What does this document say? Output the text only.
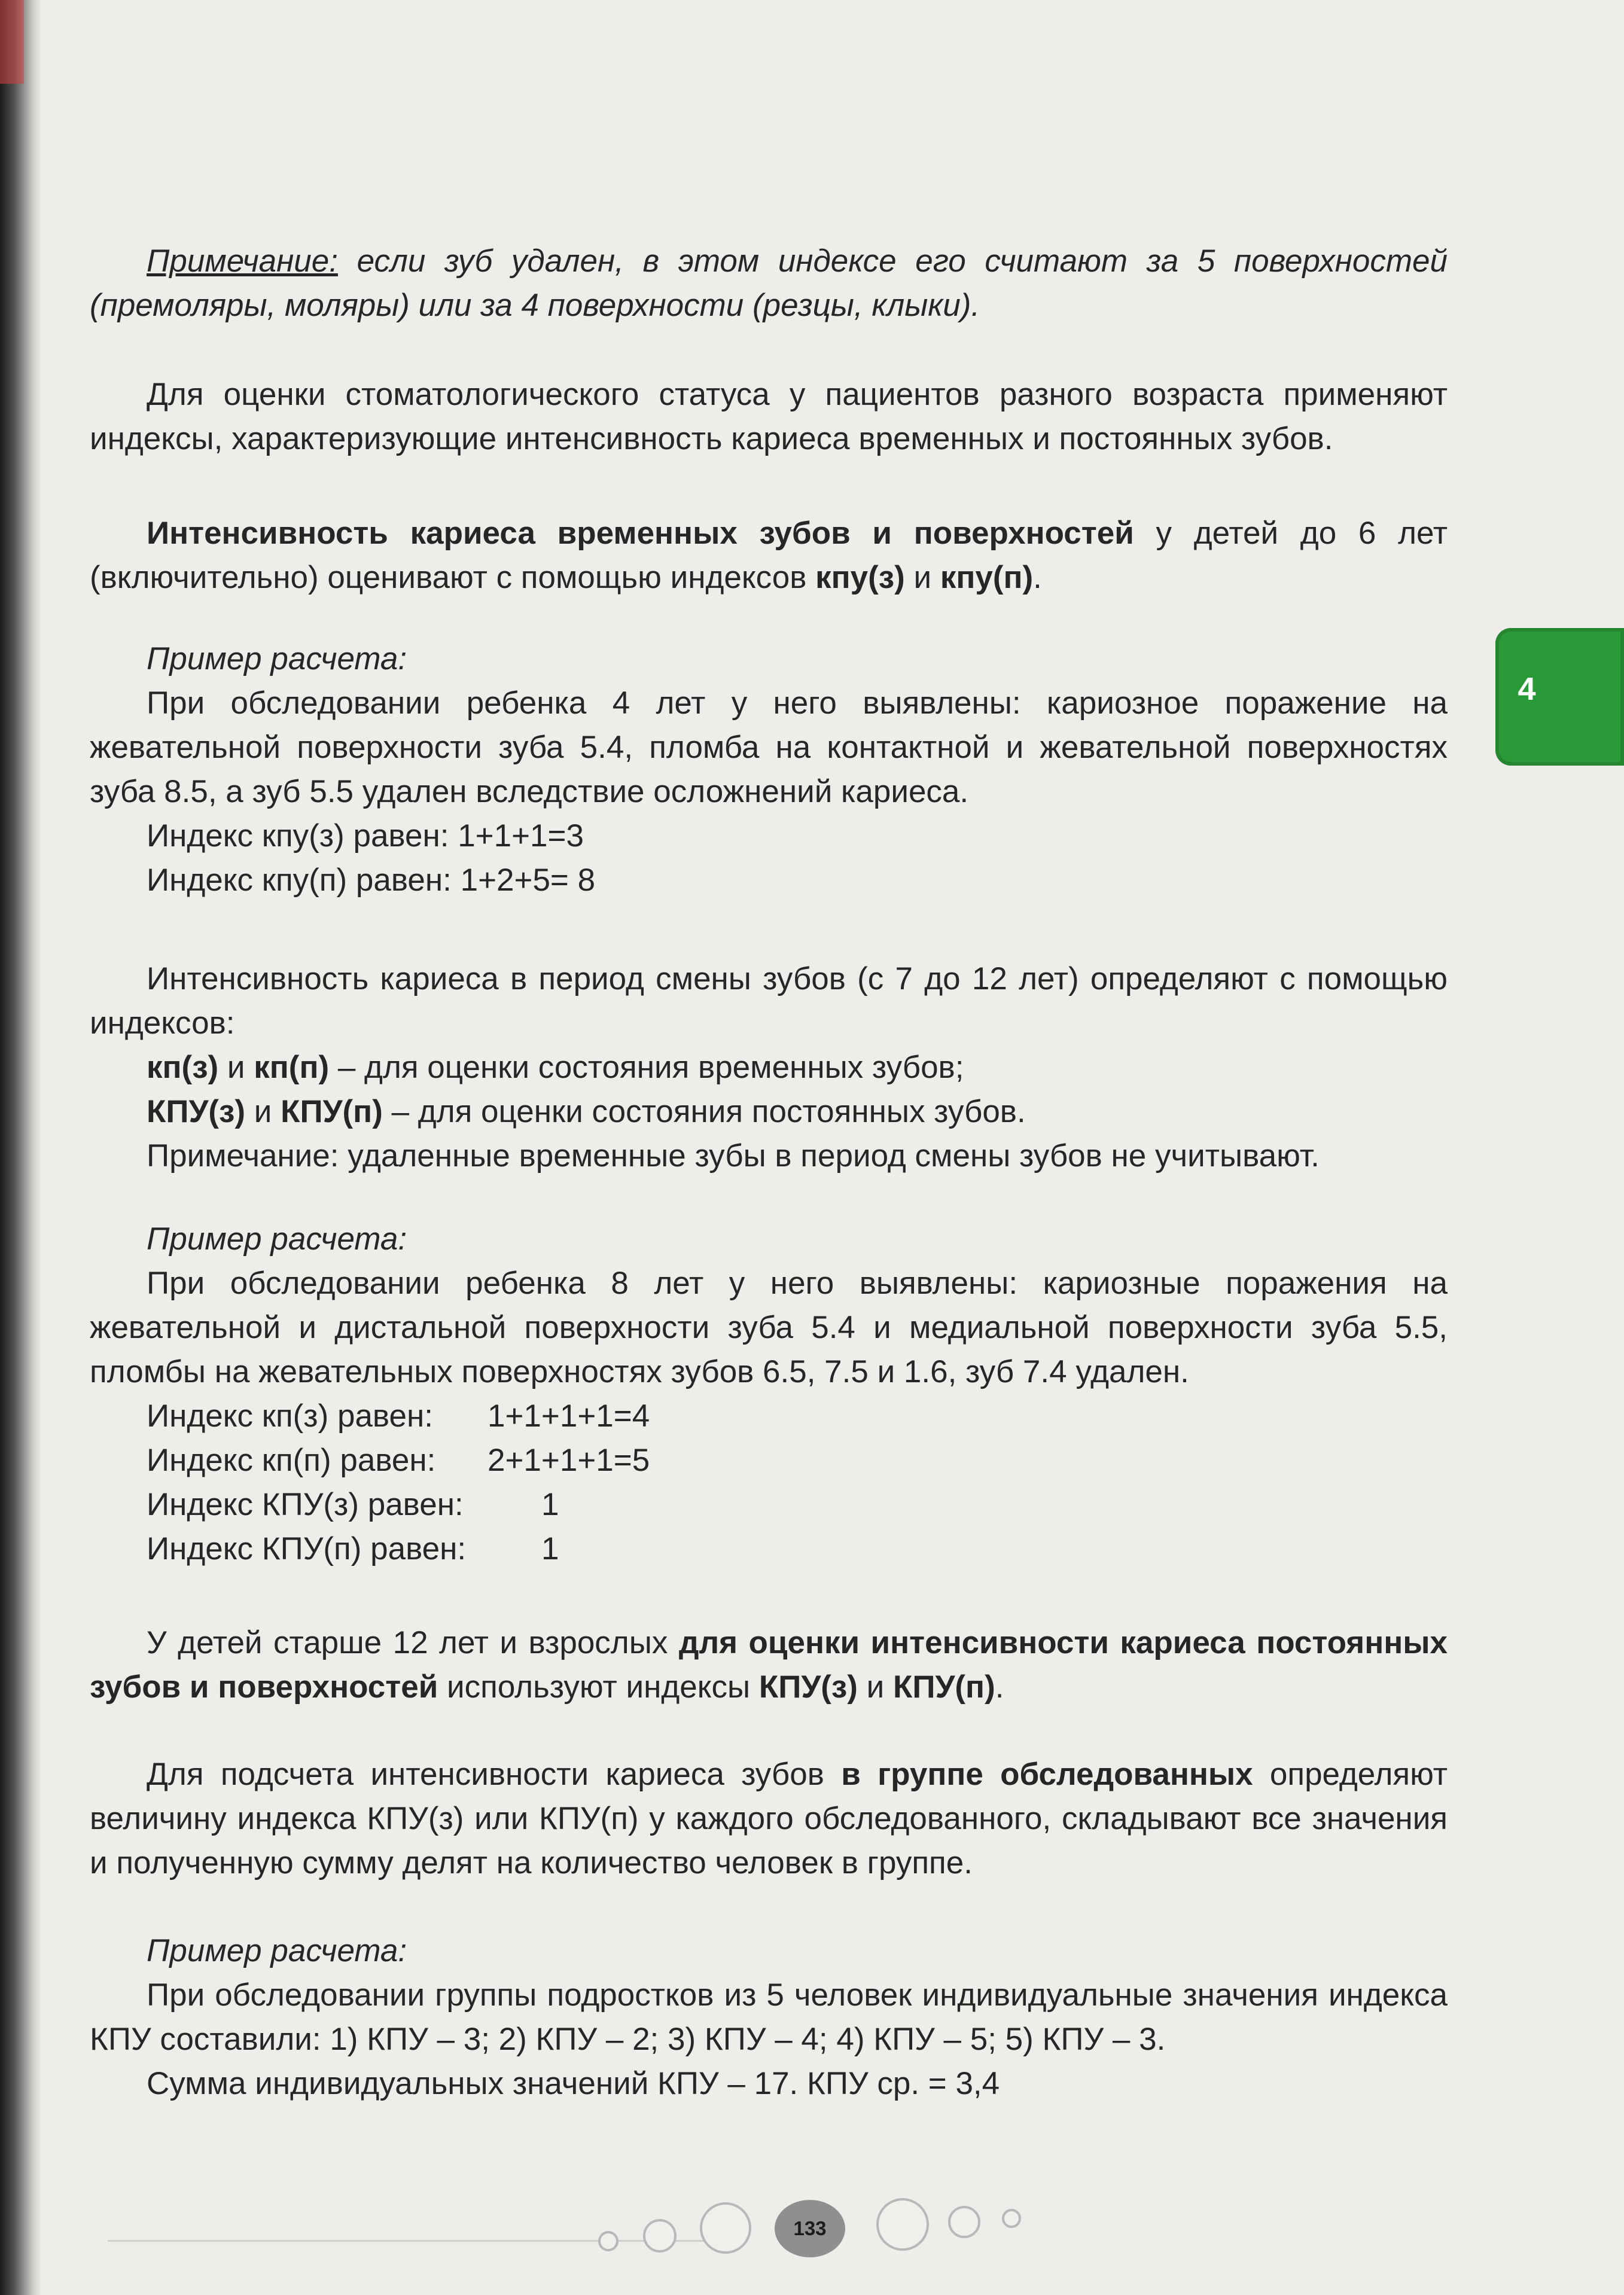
Примечание: если зуб удален, в этом индексе его считают за 5 поверхностей (премоляры, моляры) или за 4 поверхности (резцы, клыки).

Для оценки стоматологического статуса у пациентов разного возраста применяют индексы, характеризующие интенсивность кариеса временных и постоянных зубов.

Интенсивность кариеса временных зубов и поверхностей у детей до 6 лет (включительно) оценивают с помощью индексов кпу(з) и кпу(п).

Пример расчета:

При обследовании ребенка 4 лет у него выявлены: кариозное поражение на жевательной поверхности зуба 5.4, пломба на контактной и жевательной поверхностях зуба 8.5, а зуб 5.5 удален вследствие осложнений кариеса.

Индекс кпу(з) равен: 1+1+1=3

Индекс кпу(п) равен: 1+2+5= 8

Интенсивность кариеса в период смены зубов (с 7 до 12 лет) определяют с помощью индексов:

кп(з) и кп(п) – для оценки состояния временных зубов;

КПУ(з) и КПУ(п) – для оценки состояния постоянных зубов.

Примечание: удаленные временные зубы в период смены зубов не учитывают.

Пример расчета:

При обследовании ребенка 8 лет у него выявлены: кариозные поражения на жевательной и дистальной поверхности зуба 5.4 и медиальной поверхности зуба 5.5, пломбы на жевательных поверхностях зубов 6.5, 7.5 и 1.6, зуб 7.4 удален.

Индекс кп(з) равен: 1+1+1+1=4

Индекс кп(п) равен: 2+1+1+1=5

Индекс КПУ(з) равен: 1

Индекс КПУ(п) равен: 1

У детей старше 12 лет и взрослых для оценки интенсивности кариеса постоянных зубов и поверхностей используют индексы КПУ(з) и КПУ(п).

Для подсчета интенсивности кариеса зубов в группе обследованных определяют величину индекса КПУ(з) или КПУ(п) у каждого обследованного, складывают все значения и полученную сумму делят на количество человек в группе.

Пример расчета:

При обследовании группы подростков из 5 человек индивидуальные значения индекса КПУ составили: 1) КПУ – 3; 2) КПУ – 2; 3) КПУ – 4; 4) КПУ – 5; 5) КПУ – 3.

Сумма индивидуальных значений КПУ – 17. КПУ ср. = 3,4

4
133
